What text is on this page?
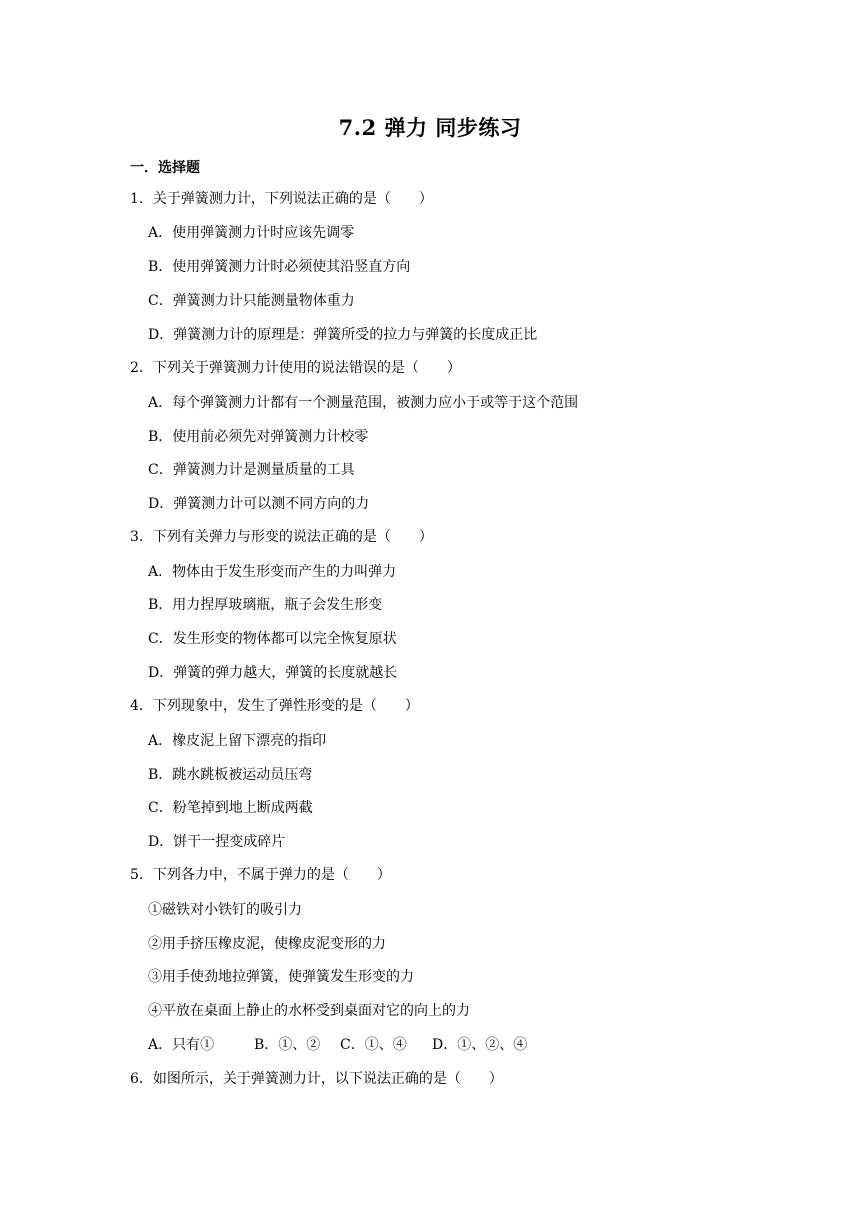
7.2 弹力 同步练习
一．选择题
1．关于弹簧测力计，下列说法正确的是（　　）
A．使用弹簧测力计时应该先调零
B．使用弹簧测力计时必须使其沿竖直方向
C．弹簧测力计只能测量物体重力
D．弹簧测力计的原理是：弹簧所受的拉力与弹簧的长度成正比
2．下列关于弹簧测力计使用的说法错误的是（　　）
A．每个弹簧测力计都有一个测量范围，被测力应小于或等于这个范围
B．使用前必须先对弹簧测力计校零
C．弹簧测力计是测量质量的工具
D．弹簧测力计可以测不同方向的力
3．下列有关弹力与形变的说法正确的是（　　）
A．物体由于发生形变而产生的力叫弹力
B．用力捏厚玻璃瓶，瓶子会发生形变
C．发生形变的物体都可以完全恢复原状
D．弹簧的弹力越大，弹簧的长度就越长
4．下列现象中，发生了弹性形变的是（　　）
A．橡皮泥上留下漂亮的指印
B．跳水跳板被运动员压弯
C．粉笔掉到地上断成两截
D．饼干一捏变成碎片
5．下列各力中，不属于弹力的是（　　）
①磁铁对小铁钉的吸引力
②用手挤压橡皮泥，使橡皮泥变形的力
③用手使劲地拉弹簧，使弹簧发生形变的力
④平放在桌面上静止的水杯受到桌面对它的向上的力
A．只有①	B．①、② C．①、④ D．①、②、④
6．如图所示，关于弹簧测力计，以下说法正确的是（　　）
